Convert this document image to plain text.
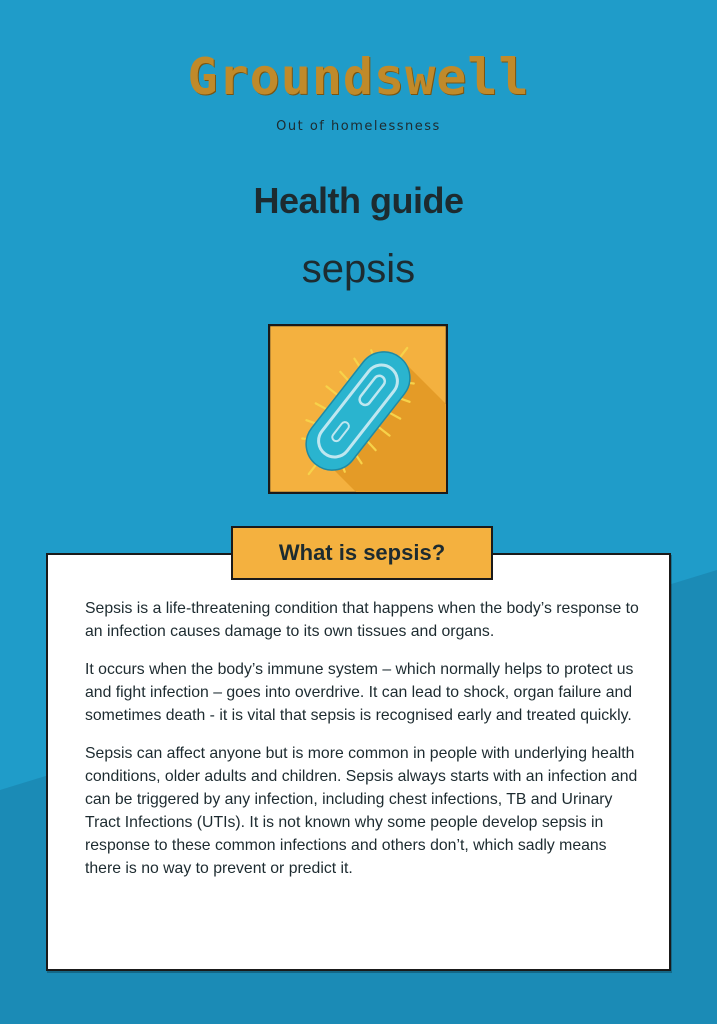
Groundswell
Out of homelessness
Health guide
sepsis
What is sepsis?

Sepsis is a life-threatening condition that happens when the body’s response to an infection causes damage to its own tissues and organs.

It occurs when the body’s immune system – which normally helps to protect us and fight infection – goes into overdrive. It can lead to shock, organ failure and sometimes death - it is vital that sepsis is recognised early and treated quickly.

Sepsis can affect anyone but is more common in people with underlying health conditions, older adults and children. Sepsis always starts with an infection and can be triggered by any infection, including chest infections, TB and Urinary Tract Infections (UTIs). It is not known why some people develop sepsis in response to these common infections and others don’t, which sadly means there is no way to prevent or predict it.
